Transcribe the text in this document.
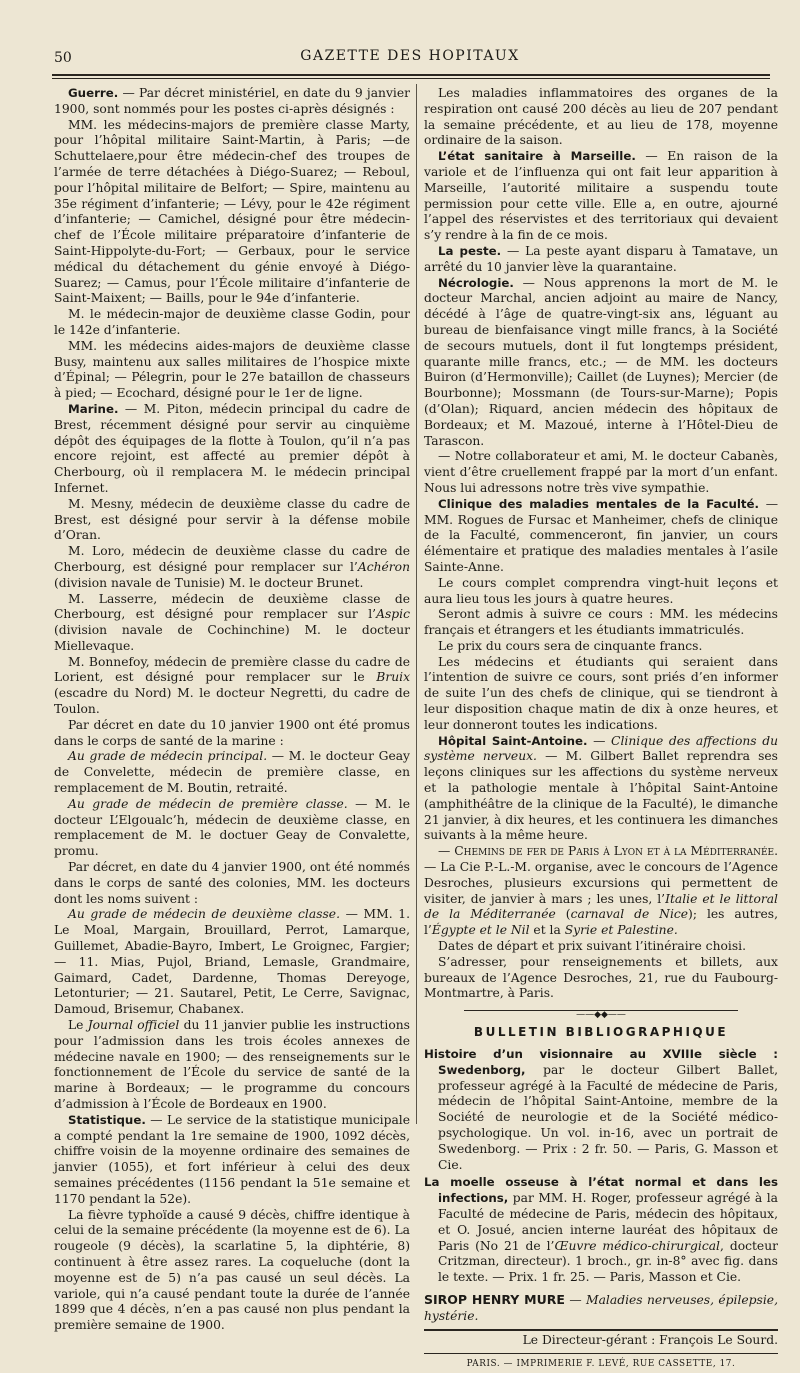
50	GAZETTE DES HOPITAUX

Guerre. — Par décret ministériel, en date du 9 janvier 1900, sont nommés pour les postes ci-après désignés :

MM. les médecins-majors de première classe Marty, pour l’hôpital militaire Saint-Martin, à Paris; —de Schuttelaere,pour être médecin-chef des troupes de l’armée de terre détachées à Diégo-Suarez; — Reboul, pour l’hôpital militaire de Belfort; — Spire, maintenu au 35e régiment d’infanterie; — Lévy, pour le 42e régiment d’infanterie; — Camichel, désigné pour être médecin-chef de l’École militaire préparatoire d’infanterie de Saint-Hippolyte-du-Fort; — Gerbaux, pour le service médical du détachement du génie envoyé à Diégo-Suarez; — Camus, pour l’École militaire d’infanterie de Saint-Maixent; — Baills, pour le 94e d’infanterie.

M. le médecin-major de deuxième classe Godin, pour le 142e d’infanterie.

MM. les médecins aides-majors de deuxième classe Busy, maintenu aux salles militaires de l’hospice mixte d’Épinal; — Pélegrin, pour le 27e bataillon de chasseurs à pied; — Ecochard, désigné pour le 1er de ligne.

Marine. — M. Piton, médecin principal du cadre de Brest, récemment désigné pour servir au cinquième dépôt des équipages de la flotte à Toulon, qu’il n’a pas encore rejoint, est affecté au premier dépôt à Cherbourg, où il remplacera M. le médecin principal Infernet.

M. Mesny, médecin de deuxième classe du cadre de Brest, est désigné pour servir à la défense mobile d’Oran.

M. Loro, médecin de deuxième classe du cadre de Cherbourg, est désigné pour remplacer sur l’Achéron (division navale de Tunisie) M. le docteur Brunet.

M. Lasserre, médecin de deuxième classe de Cherbourg, est désigné pour remplacer sur l’Aspic (division navale de Cochinchine) M. le docteur Miellevaque.

M. Bonnefoy, médecin de première classe du cadre de Lorient, est désigné pour remplacer sur le Bruix (escadre du Nord) M. le docteur Negretti, du cadre de Toulon.

Par décret en date du 10 janvier 1900 ont été promus dans le corps de santé de la marine :

Au grade de médecin principal. — M. le docteur Geay de Convelette, médecin de première classe, en remplacement de M. Boutin, retraité.

Au grade de médecin de première classe. — M. le docteur L’Elgoualc’h, médecin de deuxième classe, en remplacement de M. le doctuer Geay de Convalette, promu.

Par décret, en date du 4 janvier 1900, ont été nommés dans le corps de santé des colonies, MM. les docteurs dont les noms suivent :

Au grade de médecin de deuxième classe. — MM. 1. Le Moal, Margain, Brouillard, Perrot, Lamarque, Guillemet, Abadie-Bayro, Imbert, Le Groignec, Fargier; — 11. Mias, Pujol, Briand, Lemasle, Grandmaire, Gaimard, Cadet, Dardenne, Thomas Dereyoge, Letonturier; — 21. Sautarel, Petit, Le Cerre, Savignac, Damoud, Brisemur, Chabanex.

Le Journal officiel du 11 janvier publie les instructions pour l’admission dans les trois écoles annexes de médecine navale en 1900; — des renseignements sur le fonctionnement de l’École du service de santé de la marine à Bordeaux; — le programme du concours d’admission à l’École de Bordeaux en 1900.

Statistique. — Le service de la statistique municipale a compté pendant la 1re semaine de 1900, 1092 décès, chiffre voisin de la moyenne ordinaire des semaines de janvier (1055), et fort inférieur à celui des deux semaines précédentes (1156 pendant la 51e semaine et 1170 pendant la 52e).

La fièvre typhoïde a causé 9 décès, chiffre identique à celui de la semaine précédente (la moyenne est de 6). La rougeole (9 décès), la scarlatine 5, la diphtérie, 8) continuent à être assez rares. La coqueluche (dont la moyenne est de 5) n’a pas causé un seul décès. La variole, qui n’a causé pendant toute la durée de l’année 1899 que 4 décès, n’en a pas causé non plus pendant la première semaine de 1900.

Les maladies inflammatoires des organes de la respiration ont causé 200 décès au lieu de 207 pendant la semaine précédente, et au lieu de 178, moyenne ordinaire de la saison.

L’état sanitaire à Marseille. — En raison de la variole et de l’influenza qui ont fait leur apparition à Marseille, l’autorité militaire a suspendu toute permission pour cette ville. Elle a, en outre, ajourné l’appel des réservistes et des territoriaux qui devaient s’y rendre à la fin de ce mois.

La peste. — La peste ayant disparu à Tamatave, un arrêté du 10 janvier lève la quarantaine.

Nécrologie. — Nous apprenons la mort de M. le docteur Marchal, ancien adjoint au maire de Nancy, décédé à l’âge de quatre-vingt-six ans, léguant au bureau de bienfaisance vingt mille francs, à la Société de secours mutuels, dont il fut longtemps président, quarante mille francs, etc.; — de MM. les docteurs Buiron (d’Hermonville); Caillet (de Luynes); Mercier (de Bourbonne); Mossmann (de Tours-sur-Marne); Popis (d’Olan); Riquard, ancien médecin des hôpitaux de Bordeaux; et M. Mazoué, interne à l’Hôtel-Dieu de Tarascon.

— Notre collaborateur et ami, M. le docteur Cabanès, vient d’être cruellement frappé par la mort d’un enfant. Nous lui adressons notre très vive sympathie.

Clinique des maladies mentales de la Faculté. — MM. Rogues de Fursac et Manheimer, chefs de clinique de la Faculté, commenceront, fin janvier, un cours élémentaire et pratique des maladies mentales à l’asile Sainte-Anne.

Le cours complet comprendra vingt-huit leçons et aura lieu tous les jours à quatre heures.

Seront admis à suivre ce cours : MM. les médecins français et étrangers et les étudiants immatriculés.

Le prix du cours sera de cinquante francs.

Les médecins et étudiants qui seraient dans l’intention de suivre ce cours, sont priés d’en informer de suite l’un des chefs de clinique, qui se tiendront à leur disposition chaque matin de dix à onze heures, et leur donneront toutes les indications.

Hôpital Saint-Antoine. — Clinique des affections du système nerveux. — M. Gilbert Ballet reprendra ses leçons cliniques sur les affections du système nerveux et la pathologie mentale à l’hôpital Saint-Antoine (amphithéâtre de la clinique de la Faculté), le dimanche 21 janvier, à dix heures, et les continuera les dimanches suivants à la même heure.

— Chemins de fer de Paris à Lyon et à la Méditerranée. — La Cie P.-L.-M. organise, avec le concours de l’Agence Desroches, plusieurs excursions qui permettent de visiter, de janvier à mars ; les unes, l’Italie et le littoral de la Méditerranée (carnaval de Nice); les autres, l’Égypte et le Nil et la Syrie et Palestine.

Dates de départ et prix suivant l’itinéraire choisi.

S’adresser, pour renseignements et billets, aux bureaux de l’Agence Desroches, 21, rue du Faubourg-Montmartre, à Paris.

——◆◆——
BULLETIN BIBLIOGRAPHIQUE

Histoire d’un visionnaire au XVIIIe siècle : Swedenborg, par le docteur Gilbert Ballet, professeur agrégé à la Faculté de médecine de Paris, médecin de l’hôpital Saint-Antoine, membre de la Société de neurologie et de la Société médico-psychologique. Un vol. in-16, avec un portrait de Swedenborg. — Prix : 2 fr. 50. — Paris, G. Masson et Cie.

La moelle osseuse à l’état normal et dans les infections, par MM. H. Roger, professeur agrégé à la Faculté de médecine de Paris, médecin des hôpitaux, et O. Josué, ancien interne lauréat des hôpitaux de Paris (No 21 de l’Œuvre médico-chirurgical, docteur Critzman, directeur). 1 broch., gr. in-8° avec fig. dans le texte. — Prix. 1 fr. 25. — Paris, Masson et Cie.

SIROP HENRY MURE — Maladies nerveuses, épilepsie, hystérie.

Le Directeur-gérant : François Le Sourd.
PARIS. — IMPRIMERIE F. LEVÉ, RUE CASSETTE, 17.
